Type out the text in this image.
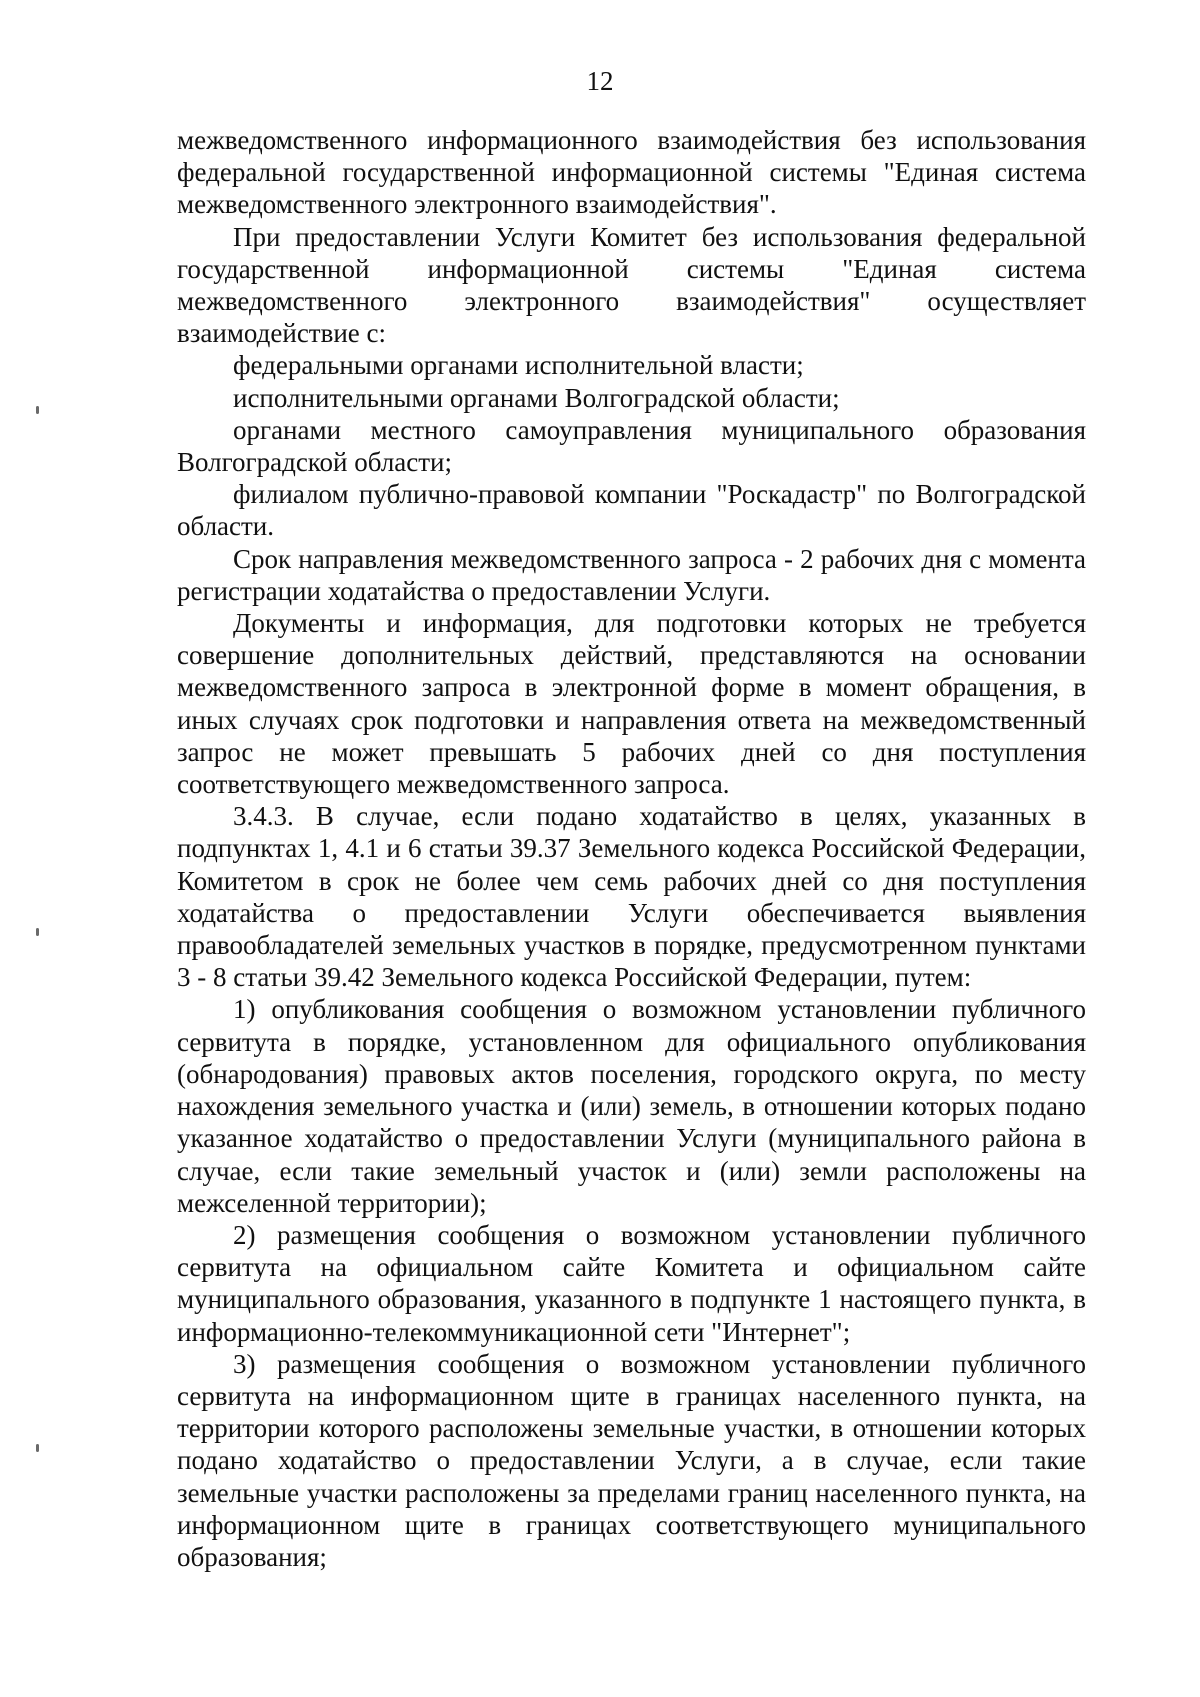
12

межведомственного информационного взаимодействия без использования федеральной государственной информационной системы "Единая система межведомственного электронного взаимодействия".

При предоставлении Услуги Комитет без использования федеральной государственной информационной системы "Единая система межведомственного электронного взаимодействия" осуществляет взаимодействие с:

федеральными органами исполнительной власти;

исполнительными органами Волгоградской области;

органами местного самоуправления муниципального образования Волгоградской области;

филиалом публично-правовой компании "Роскадастр" по Волгоградской области.

Срок направления межведомственного запроса - 2 рабочих дня с момента регистрации ходатайства о предоставлении Услуги.

Документы и информация, для подготовки которых не требуется совершение дополнительных действий, представляются на основании межведомственного запроса в электронной форме в момент обращения, в иных случаях срок подготовки и направления ответа на межведомственный запрос не может превышать 5 рабочих дней со дня поступления соответствующего межведомственного запроса.

3.4.3. В случае, если подано ходатайство в целях, указанных в подпунктах 1, 4.1 и 6 статьи 39.37 Земельного кодекса Российской Федерации, Комитетом в срок не более чем семь рабочих дней со дня поступления ходатайства о предоставлении Услуги обеспечивается выявления правообладателей земельных участков в порядке, предусмотренном пунктами 3 - 8 статьи 39.42 Земельного кодекса Российской Федерации, путем:

1) опубликования сообщения о возможном установлении публичного сервитута в порядке, установленном для официального опубликования (обнародования) правовых актов поселения, городского округа, по месту нахождения земельного участка и (или) земель, в отношении которых подано указанное ходатайство о предоставлении Услуги (муниципального района в случае, если такие земельный участок и (или) земли расположены на межселенной территории);

2) размещения сообщения о возможном установлении публичного сервитута на официальном сайте Комитета и официальном сайте муниципального образования, указанного в подпункте 1 настоящего пункта, в информационно-телекоммуникационной сети "Интернет";

3) размещения сообщения о возможном установлении публичного сервитута на информационном щите в границах населенного пункта, на территории которого расположены земельные участки, в отношении которых подано ходатайство о предоставлении Услуги, а в случае, если такие земельные участки расположены за пределами границ населенного пункта, на информационном щите в границах соответствующего муниципального образования;
